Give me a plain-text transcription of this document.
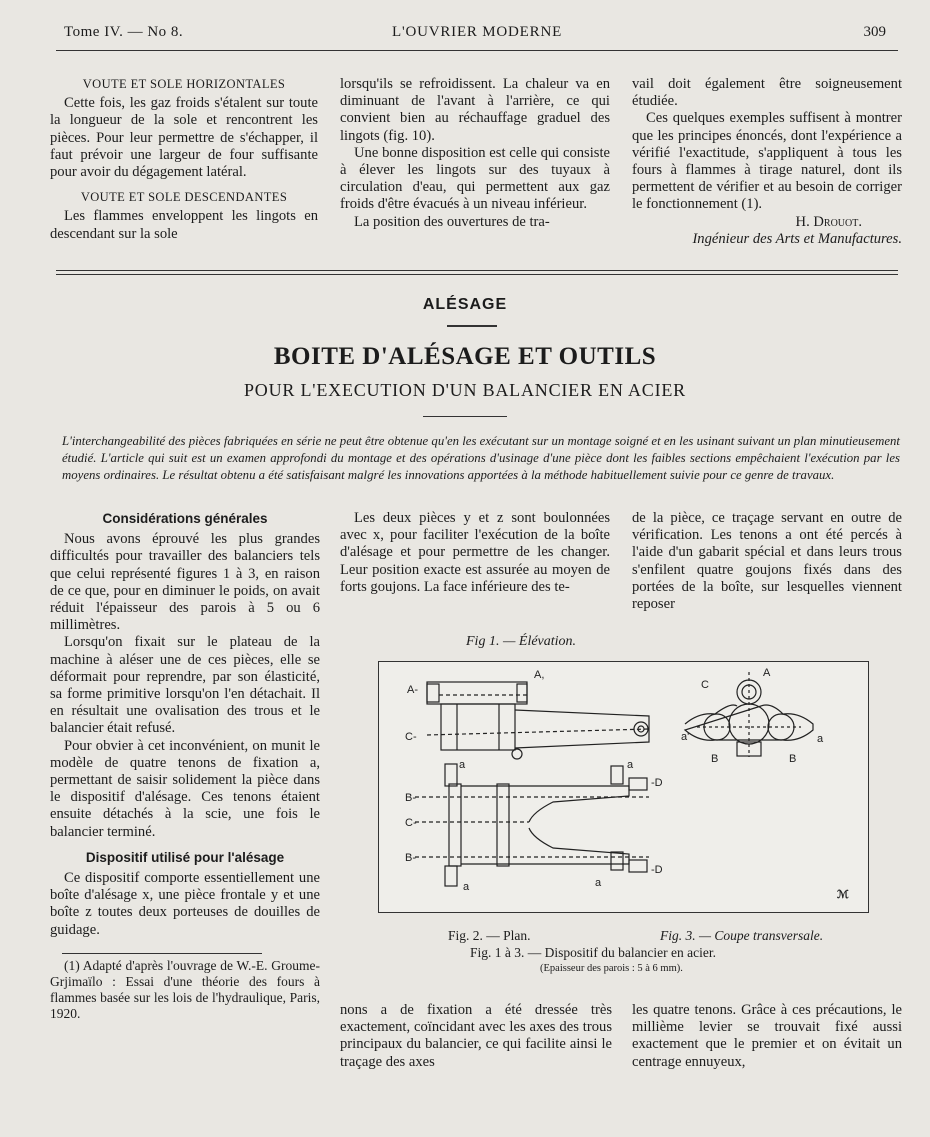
Tome IV. — No 8.	L'OUVRIER MODERNE	309
VOUTE ET SOLE HORIZONTALES

Cette fois, les gaz froids s'étalent sur toute la longueur de la sole et rencontrent les pièces. Pour leur permettre de s'échapper, il faut prévoir une largeur de four suffisante pour avoir du dégagement latéral.

VOUTE ET SOLE DESCENDANTES

Les flammes enveloppent les lingots en descendant sur la sole

lorsqu'ils se refroidissent. La chaleur va en diminuant de l'avant à l'arrière, ce qui convient bien au réchauffage graduel des lingots (fig. 10).

Une bonne disposition est celle qui consiste à élever les lingots sur des tuyaux à circulation d'eau, qui permettent aux gaz froids d'être évacués à un niveau inférieur.

La position des ouvertures de tra-

vail doit également être soigneusement étudiée.

Ces quelques exemples suffisent à montrer que les principes énoncés, dont l'expérience a vérifié l'exactitude, s'appliquent à tous les fours à flammes à tirage naturel, dont ils permettent de vérifier et au besoin de corriger le fonctionnement (1).

H. Drouot.
Ingénieur des Arts et Manufactures.
ALÉSAGE
BOITE D'ALÉSAGE ET OUTILS
POUR L'EXECUTION D'UN BALANCIER EN ACIER
L'interchangeabilité des pièces fabriquées en série ne peut être obtenue qu'en les exécutant sur un montage soigné et en les usinant suivant un plan minutieusement étudié. L'article qui suit est un examen approfondi du montage et des opérations d'usinage d'une pièce dont les faibles sections empêchaient l'exécution par les moyens ordinaires. Le résultat obtenu a été satisfaisant malgré les innovations apportées à la méthode habituellement suivie pour ce genre de travaux.
Considérations générales

Nous avons éprouvé les plus grandes difficultés pour travailler des balanciers tels que celui représenté figures 1 à 3, en raison de ce que, pour en diminuer le poids, on avait réduit l'épaisseur des parois à 5 ou 6 millimètres.

Lorsqu'on fixait sur le plateau de la machine à aléser une de ces pièces, elle se déformait pour reprendre, par son élasticité, sa forme primitive lorsqu'on l'en détachait. Il en résultait une ovalisation des trous et le balancier était refusé.

Pour obvier à cet inconvénient, on munit le modèle de quatre tenons de fixation a, permettant de saisir solidement la pièce dans le dispositif d'alésage. Ces tenons étaient ensuite détachés à la scie, une fois le balancier terminé.

Dispositif utilisé pour l'alésage

Ce dispositif comporte essentiellement une boîte d'alésage x, une pièce frontale y et une boîte z toutes deux porteuses de douilles de guidage.

(1) Adapté d'après l'ouvrage de W.-E. Groume-Grjimaïlo : Essai d'une théorie des fours à flammes basée sur les lois de l'hydraulique, Paris, 1920.

Les deux pièces y et z sont boulonnées avec x, pour faciliter l'exécution de la boîte d'alésage et pour permettre de les changer. Leur position exacte est assurée au moyen de forts goujons. La face inférieure des te-

de la pièce, ce traçage servant en outre de vérification. Les tenons a ont été percés à l'aide d'un gabarit spécial et dans leurs trous s'enfilent quatre goujons fixés dans des portées de la boîte, sur lesquelles viennent reposer

Fig 1. — Élévation.
A-
A,
C-
a
B-
C-
B-
-D
-D
a
a	a
C
A
a'	a
B	B
ℳ
Fig. 2. — Plan.	Fig. 3. — Coupe transversale.
Fig. 1 à 3. — Dispositif du balancier en acier.
(Epaisseur des parois : 5 à 6 mm).

nons a de fixation a été dressée très exactement, coïncidant avec les axes des trous principaux du balancier, ce qui facilite ainsi le traçage des axes

les quatre tenons. Grâce à ces précautions, le millième levier se trouvait fixé aussi exactement que le premier et on évitait un centrage ennuyeux,
